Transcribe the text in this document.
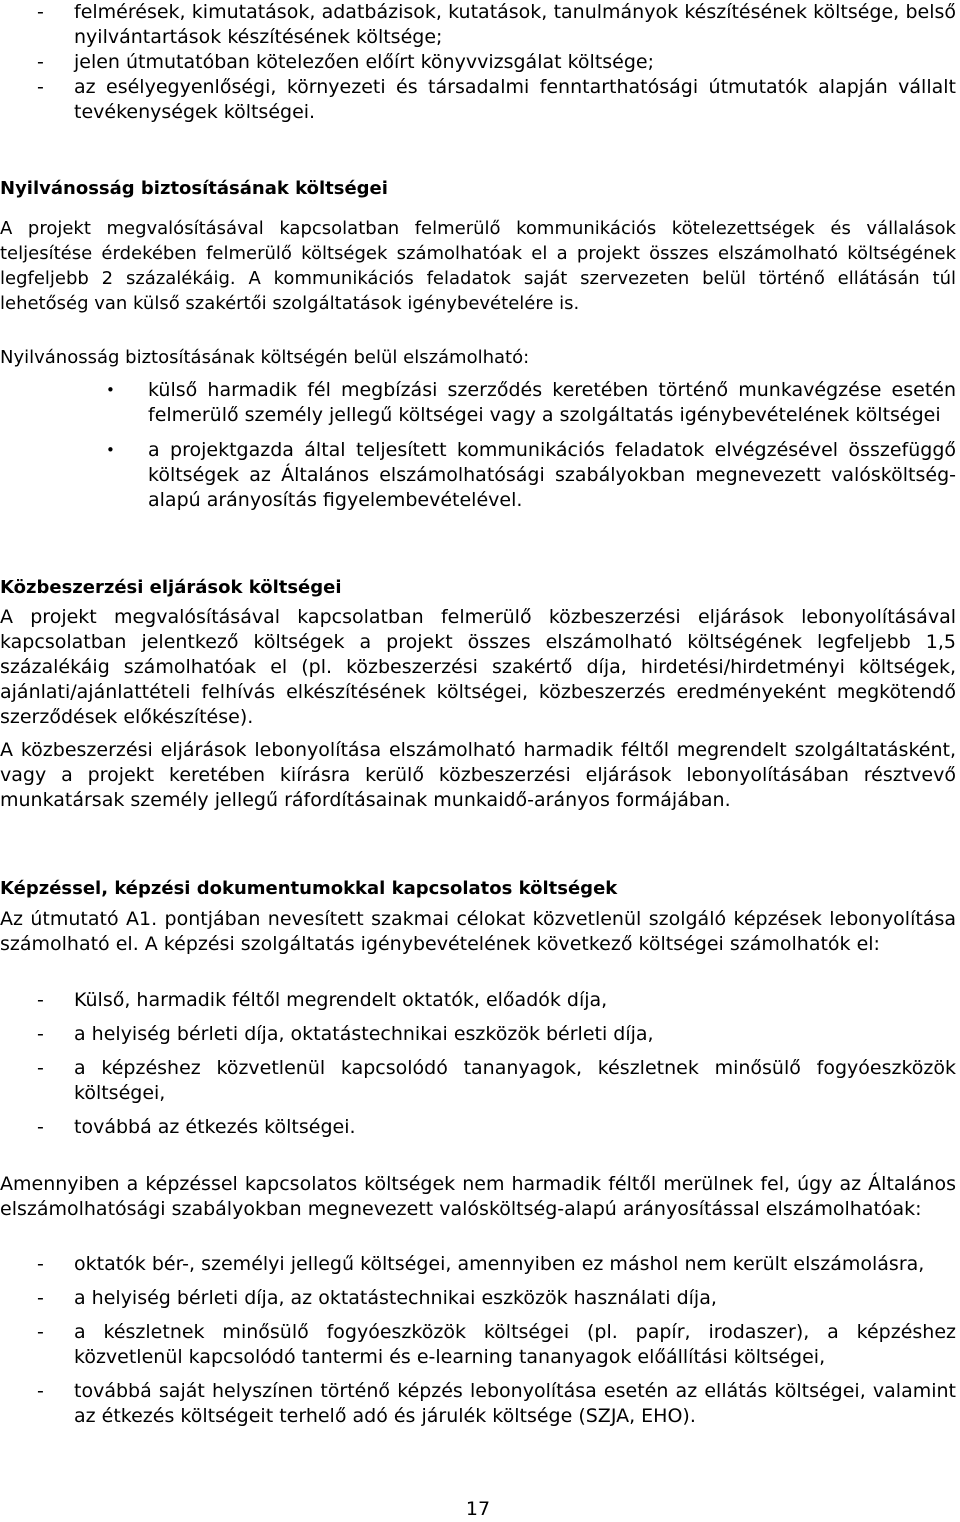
- felmérések, kimutatások, adatbázisok, kutatások, tanulmányok készítésének költsége, belső nyilvántartások készítésének költsége;
- jelen útmutatóban kötelezően előírt könyvvizsgálat költsége;
- az esélyegyenlőségi, környezeti és társadalmi fenntarthatósági útmutatók alapján vállalt tevékenységek költségei.
Nyilvánosság biztosításának költségei
A projekt megvalósításával kapcsolatban felmerülő kommunikációs kötelezettségek és vállalások teljesítése érdekében felmerülő költségek számolhatóak el a projekt összes elszámolható költségének legfeljebb 2 százalékáig. A kommunikációs feladatok saját szervezeten belül történő ellátásán túl lehetőség van külső szakértői szolgáltatások igénybevételére is.
Nyilvánosság biztosításának költségén belül elszámolható:
• külső harmadik fél megbízási szerződés keretében történő munkavégzése esetén felmerülő személy jellegű költségei vagy a szolgáltatás igénybevételének költségei
• a projektgazda által teljesített kommunikációs feladatok elvégzésével összefüggő költségek az Általános elszámolhatósági szabályokban megnevezett valósköltség-alapú arányosítás figyelembevételével.
Közbeszerzési eljárások költségei
A projekt megvalósításával kapcsolatban felmerülő közbeszerzési eljárások lebonyolításával kapcsolatban jelentkező költségek a projekt összes elszámolható költségének legfeljebb 1,5 százalékáig számolhatóak el (pl. közbeszerzési szakértő díja, hirdetési/hirdetményi költségek, ajánlati/ajánlattételi felhívás elkészítésének költségei, közbeszerzés eredményeként megkötendő szerződések előkészítése).
A közbeszerzési eljárások lebonyolítása elszámolható harmadik féltől megrendelt szolgáltatásként, vagy a projekt keretében kiírásra kerülő közbeszerzési eljárások lebonyolításában résztvevő munkatársak személy jellegű ráfordításainak munkaidő-arányos formájában.
Képzéssel, képzési dokumentumokkal kapcsolatos költségek
Az útmutató A1. pontjában nevesített szakmai célokat közvetlenül szolgáló képzések lebonyolítása számolható el. A képzési szolgáltatás igénybevételének következő költségei számolhatók el:
- Külső, harmadik féltől megrendelt oktatók, előadók díja,
- a helyiség bérleti díja, oktatástechnikai eszközök bérleti díja,
- a képzéshez közvetlenül kapcsolódó tananyagok, készletnek minősülő fogyóeszközök költségei,
- továbbá az étkezés költségei.
Amennyiben a képzéssel kapcsolatos költségek nem harmadik féltől merülnek fel, úgy az Általános elszámolhatósági szabályokban megnevezett valósköltség-alapú arányosítással elszámolhatóak:
- oktatók bér-, személyi jellegű költségei, amennyiben ez máshol nem került elszámolásra,
- a helyiség bérleti díja, az oktatástechnikai eszközök használati díja,
- a készletnek minősülő fogyóeszközök költségei (pl. papír, irodaszer), a képzéshez közvetlenül kapcsolódó tantermi és e-learning tananyagok előállítási költségei,
- továbbá saját helyszínen történő képzés lebonyolítása esetén az ellátás költségei, valamint az étkezés költségeit terhelő adó és járulék költsége (SZJA, EHO).
17
